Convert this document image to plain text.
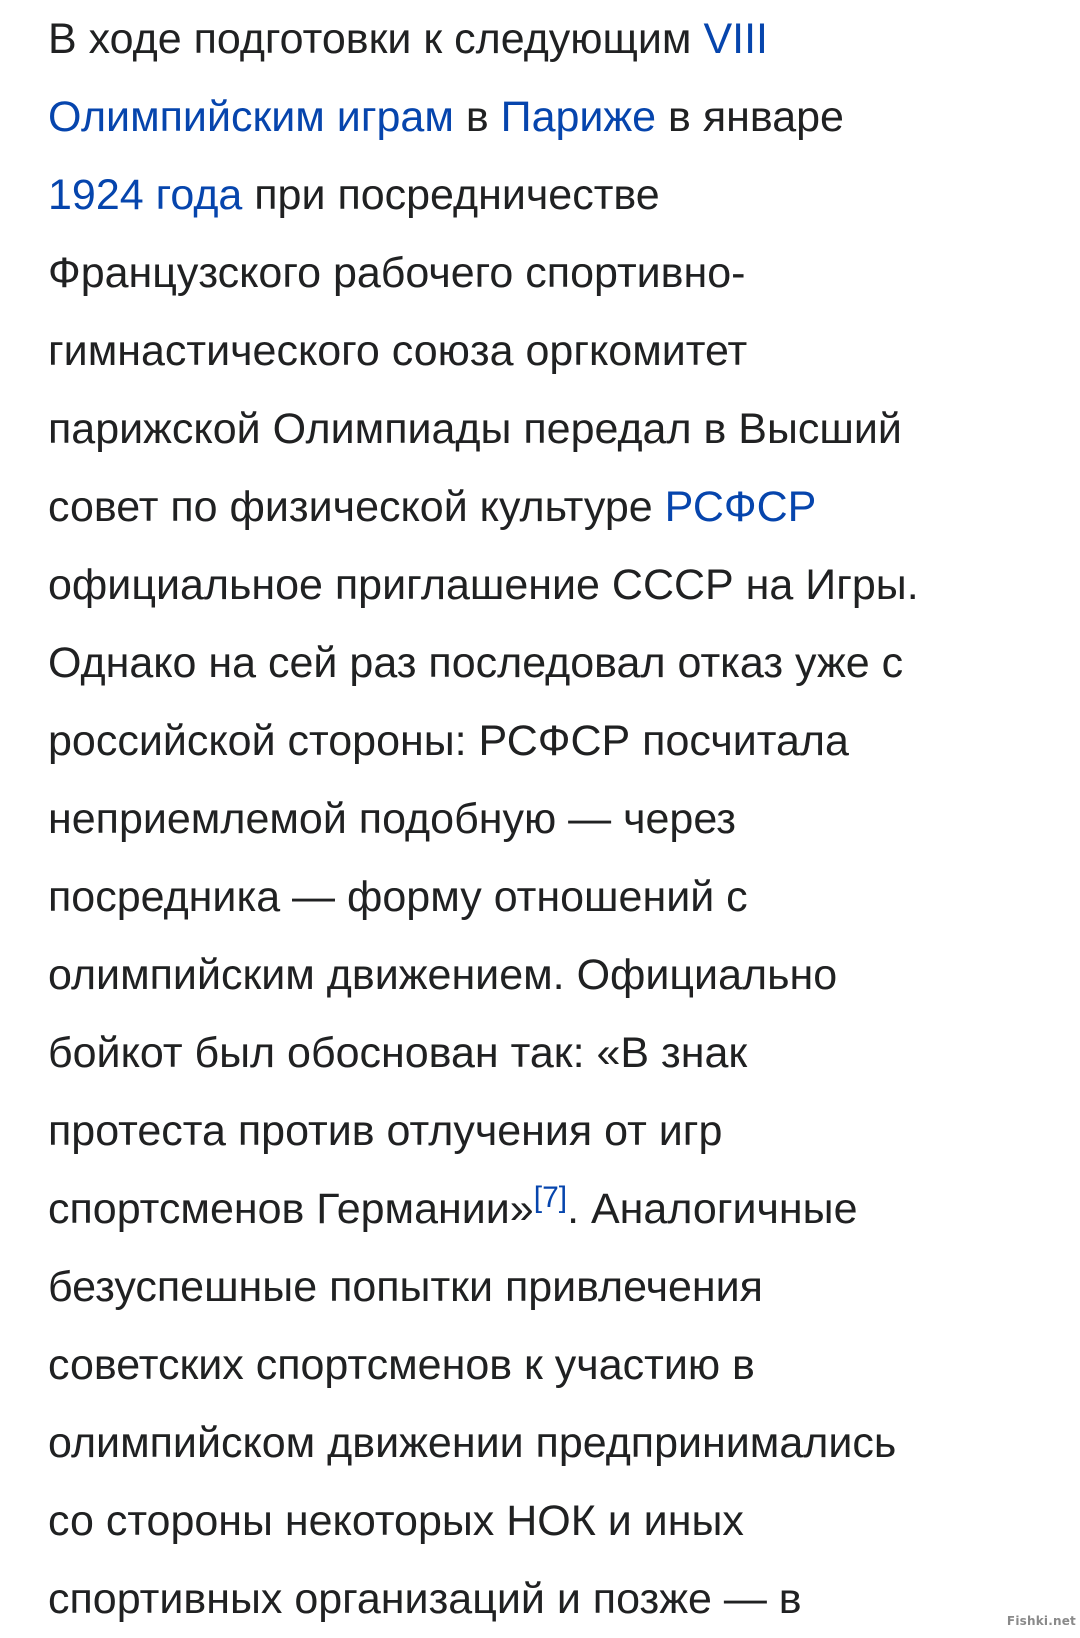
В ходе подготовки к следующим VIII
Олимпийским играм в Париже в январе
1924 года при посредничестве
Французского рабочего спортивно-
гимнастического союза оргкомитет
парижской Олимпиады передал в Высший
совет по физической культуре РСФСР
официальное приглашение СССР на Игры.
Однако на сей раз последовал отказ уже с
российской стороны: РСФСР посчитала
неприемлемой подобную — через
посредника — форму отношений с
олимпийским движением. Официально
бойкот был обоснован так: «В знак
протеста против отлучения от игр
спортсменов Германии»[7]. Аналогичные
безуспешные попытки привлечения
советских спортсменов к участию в
олимпийском движении предпринимались
со стороны некоторых НОК и иных
спортивных организаций и позже — в	Fishki.net
